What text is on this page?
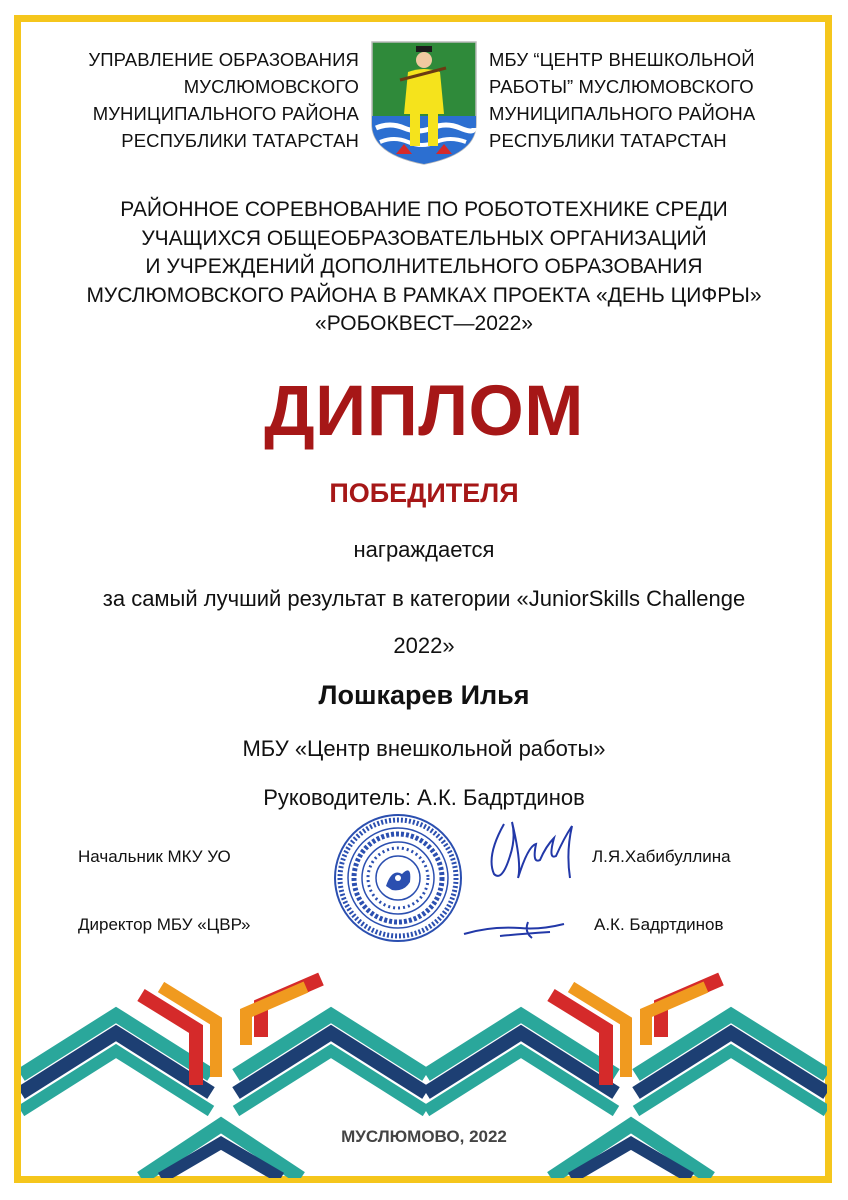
УПРАВЛЕНИЕ ОБРАЗОВАНИЯ
МУСЛЮМОВСКОГО
МУНИЦИПАЛЬНОГО РАЙОНА
РЕСПУБЛИКИ ТАТАРСТАН
МБУ “ЦЕНТР ВНЕШКОЛЬНОЙ
РАБОТЫ” МУСЛЮМОВСКОГО
МУНИЦИПАЛЬНОГО РАЙОНА
РЕСПУБЛИКИ ТАТАРСТАН
РАЙОННОЕ СОРЕВНОВАНИЕ ПО РОБОТОТЕХНИКЕ СРЕДИ
УЧАЩИХСЯ ОБЩЕОБРАЗОВАТЕЛЬНЫХ ОРГАНИЗАЦИЙ
И УЧРЕЖДЕНИЙ ДОПОЛНИТЕЛЬНОГО ОБРАЗОВАНИЯ
МУСЛЮМОВСКОГО РАЙОНА В РАМКАХ ПРОЕКТА «ДЕНЬ ЦИФРЫ»
«РОБОКВЕСТ—2022»
ДИПЛОМ
ПОБЕДИТЕЛЯ
награждается
за самый лучший результат в категории «JuniorSkills Challenge
2022»
Лошкарев Илья
МБУ «Центр внешкольной работы»
Руководитель: А.К. Бадртдинов
Начальник МКУ УО	Л.Я.Хабибуллина
Директор МБУ «ЦВР»	А.К. Бадртдинов
МУСЛЮМОВО, 2022
